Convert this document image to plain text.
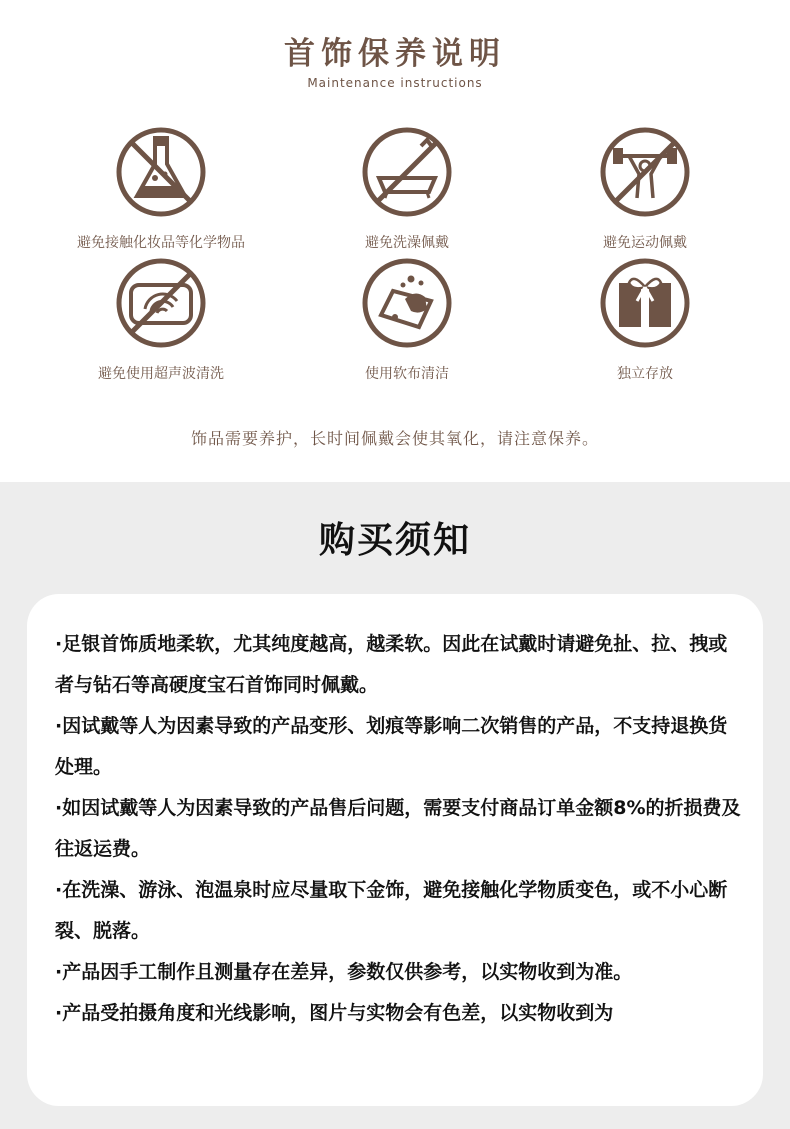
首饰保养说明
Maintenance instructions
避免接触化妆品等化学物品	避免洗澡佩戴	避免运动佩戴
避免使用超声波清洗	使用软布清洁	独立存放
饰品需要养护，长时间佩戴会使其氧化，请注意保养。
购买须知
·足银首饰质地柔软，尤其纯度越高，越柔软。因此在试戴时请避免扯、拉、拽或者与钻石等高硬度宝石首饰同时佩戴。
·因试戴等人为因素导致的产品变形、划痕等影响二次销售的产品，不支持退换货处理。
·如因试戴等人为因素导致的产品售后问题，需要支付商品订单金额8%的折损费及往返运费。
·在洗澡、游泳、泡温泉时应尽量取下金饰，避免接触化学物质变色，或不小心断裂、脱落。
·产品因手工制作且测量存在差异，参数仅供参考，以实物收到为准。
·产品受拍摄角度和光线影响，图片与实物会有色差，以实物收到为
